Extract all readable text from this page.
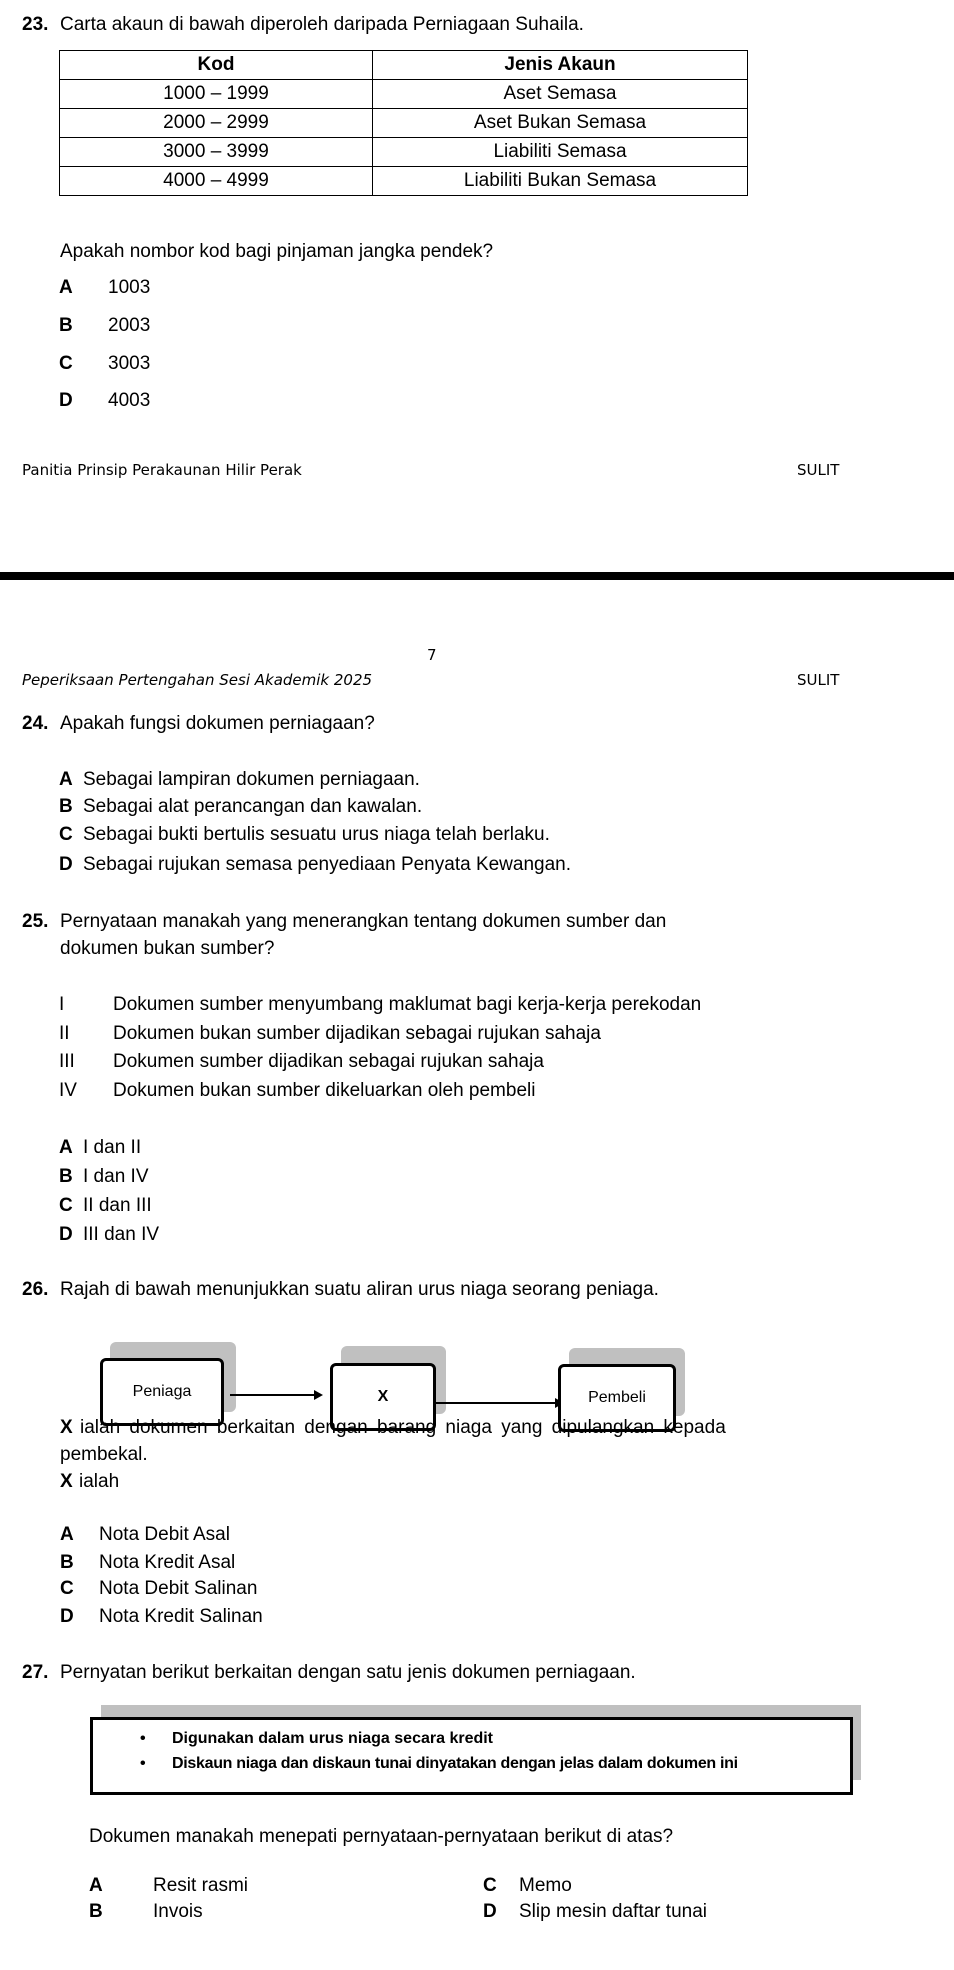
23. Carta akaun di bawah diperoleh daripada Perniagaan Suhaila.
Kod	Jenis Akaun
1000 – 1999	Aset Semasa
2000 – 2999	Aset Bukan Semasa
3000 – 3999	Liabiliti Semasa
4000 – 4999	Liabiliti Bukan Semasa
Apakah nombor kod bagi pinjaman jangka pendek?
A 1003
B 2003
C 3003
D 4003
Panitia Prinsip Perakaunan Hilir Perak	SULIT
7
Peperiksaan Pertengahan Sesi Akademik 2025	SULIT
24. Apakah fungsi dokumen perniagaan?
A Sebagai lampiran dokumen perniagaan.
B Sebagai alat perancangan dan kawalan.
C Sebagai bukti bertulis sesuatu urus niaga telah berlaku.
D Sebagai rujukan semasa penyediaan Penyata Kewangan.
25. Pernyataan manakah yang menerangkan tentang dokumen sumber dan
dokumen bukan sumber?
I	Dokumen sumber menyumbang maklumat bagi kerja-kerja perekodan
II Dokumen bukan sumber dijadikan sebagai rujukan sahaja
III Dokumen sumber dijadikan sebagai rujukan sahaja
IV Dokumen bukan sumber dikeluarkan oleh pembeli
A I dan II
B I dan IV
C II dan III
D III dan IV
26. Rajah di bawah menunjukkan suatu aliran urus niaga seorang peniaga.
Peniaga	X	Pembeli
X ialah dokumen berkaitan dengan barang niaga yang dipulangkan kepada
pembekal.
X ialah
A Nota Debit Asal
B Nota Kredit Asal
C Nota Debit Salinan
D Nota Kredit Salinan
27. Pernyatan berikut berkaitan dengan satu jenis dokumen perniagaan.
• Digunakan dalam urus niaga secara kredit
• Diskaun niaga dan diskaun tunai dinyatakan dengan jelas dalam dokumen ini
Dokumen manakah menepati pernyataan-pernyataan berikut di atas?
A	Resit rasmi
B	Invois
C Memo
D Slip mesin daftar tunai
